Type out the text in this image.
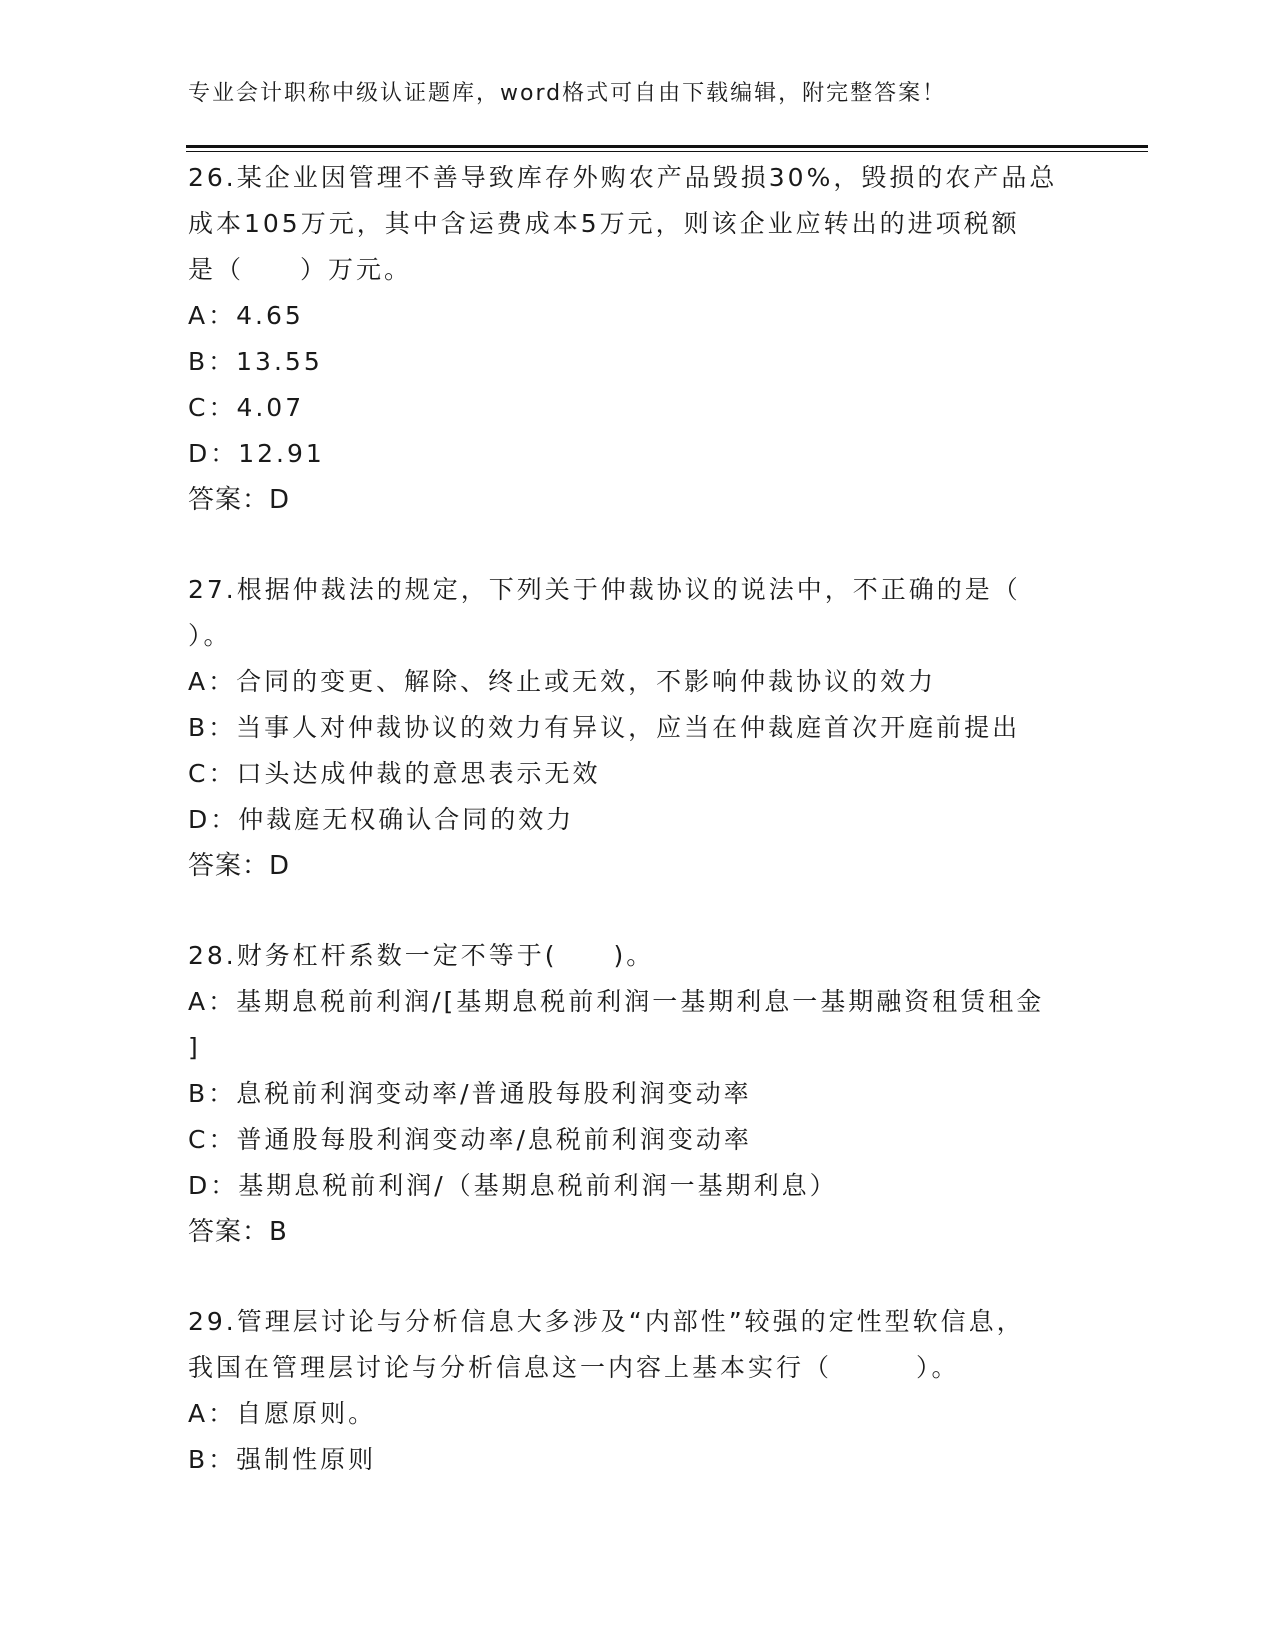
专业会计职称中级认证题库，word格式可自由下载编辑，附完整答案！
26.某企业因管理不善导致库存外购农产品毁损30%，毁损的农产品总
成本105万元，其中含运费成本5万元，则该企业应转出的进项税额
是（　　）万元。
A：4.65
B：13.55
C：4.07
D：12.91
答案：D
27.根据仲裁法的规定，下列关于仲裁协议的说法中，不正确的是（
）。
A：合同的变更、解除、终止或无效，不影响仲裁协议的效力
B：当事人对仲裁协议的效力有异议，应当在仲裁庭首次开庭前提出
C：口头达成仲裁的意思表示无效
D：仲裁庭无权确认合同的效力
答案：D
28.财务杠杆系数一定不等于(　　)。
A：基期息税前利润/[基期息税前利润一基期利息一基期融资租赁租金
]
B：息税前利润变动率/普通股每股利润变动率
C：普通股每股利润变动率/息税前利润变动率
D：基期息税前利润/（基期息税前利润一基期利息）
答案：B
29.管理层讨论与分析信息大多涉及“内部性”较强的定性型软信息，
我国在管理层讨论与分析信息这一内容上基本实行（　　　）。
A：自愿原则。
B：强制性原则
